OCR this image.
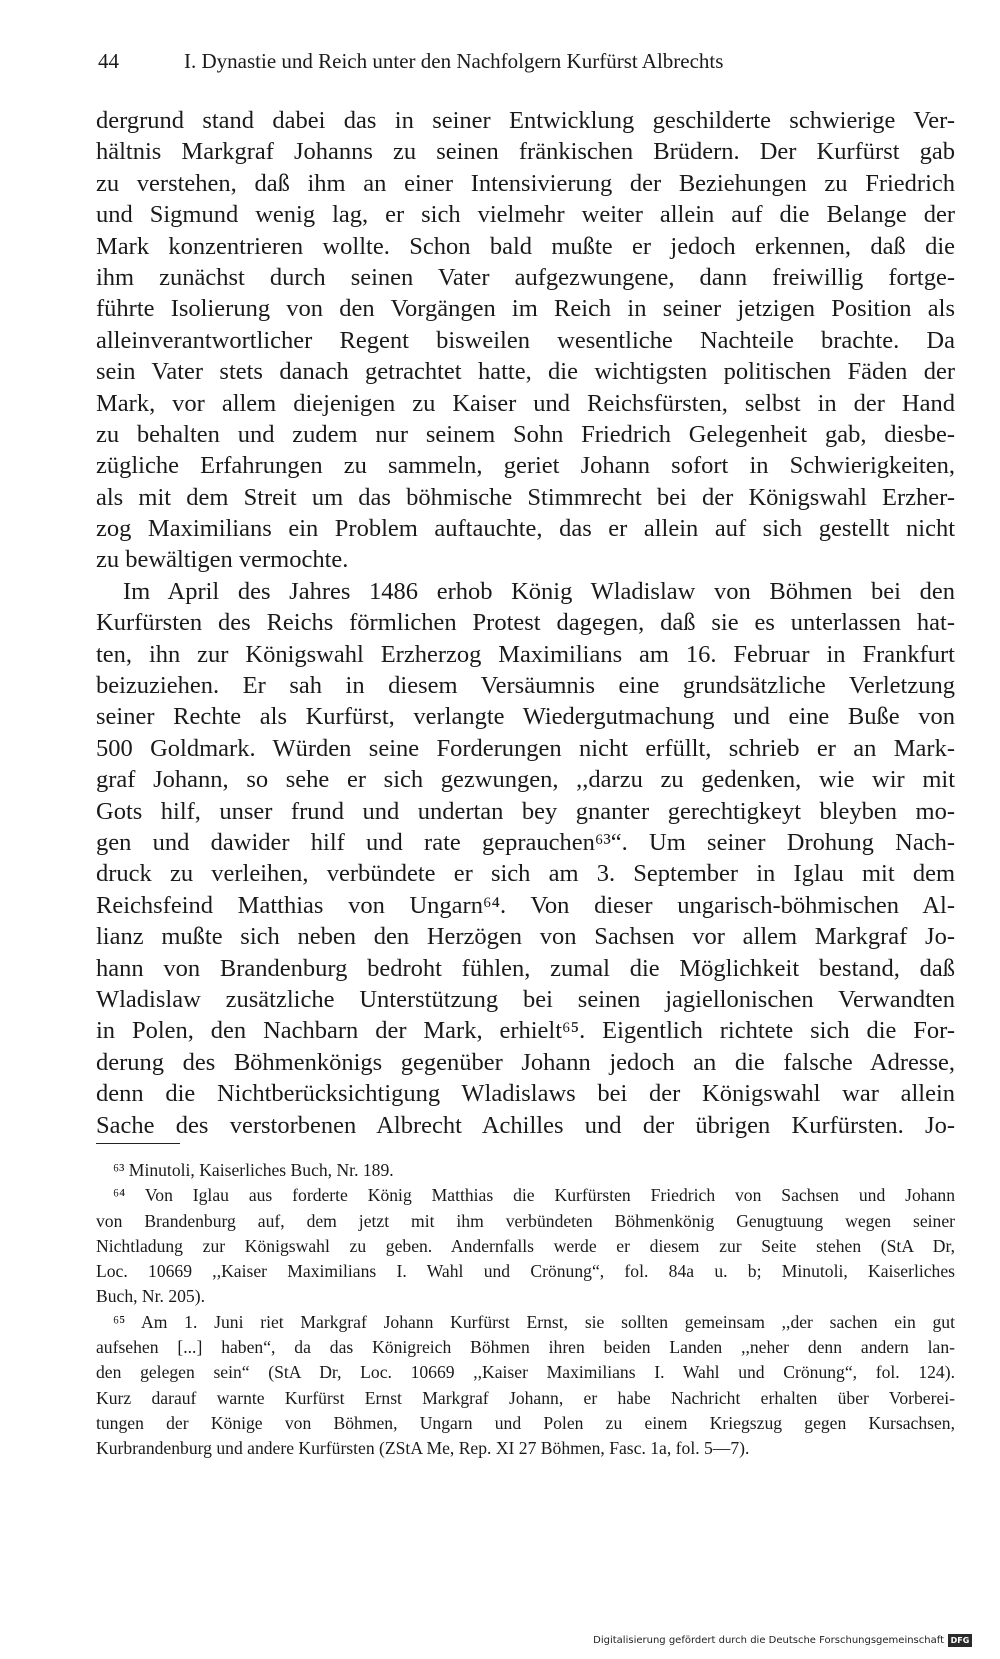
44	I. Dynastie und Reich unter den Nachfolgern Kurfürst Albrechts
dergrund stand dabei das in seiner Entwicklung geschilderte schwierige Ver-
hältnis Markgraf Johanns zu seinen fränkischen Brüdern. Der Kurfürst gab
zu verstehen, daß ihm an einer Intensivierung der Beziehungen zu Friedrich
und Sigmund wenig lag, er sich vielmehr weiter allein auf die Belange der
Mark konzentrieren wollte. Schon bald mußte er jedoch erkennen, daß die
ihm zunächst durch seinen Vater aufgezwungene, dann freiwillig fortge-
führte Isolierung von den Vorgängen im Reich in seiner jetzigen Position als
alleinverantwortlicher Regent bisweilen wesentliche Nachteile brachte. Da
sein Vater stets danach getrachtet hatte, die wichtigsten politischen Fäden der
Mark, vor allem diejenigen zu Kaiser und Reichsfürsten, selbst in der Hand
zu behalten und zudem nur seinem Sohn Friedrich Gelegenheit gab, diesbe-
zügliche Erfahrungen zu sammeln, geriet Johann sofort in Schwierigkeiten,
als mit dem Streit um das böhmische Stimmrecht bei der Königswahl Erzher-
zog Maximilians ein Problem auftauchte, das er allein auf sich gestellt nicht
zu bewältigen vermochte.
Im April des Jahres 1486 erhob König Wladislaw von Böhmen bei den
Kurfürsten des Reichs förmlichen Protest dagegen, daß sie es unterlassen hat-
ten, ihn zur Königswahl Erzherzog Maximilians am 16. Februar in Frankfurt
beizuziehen. Er sah in diesem Versäumnis eine grundsätzliche Verletzung
seiner Rechte als Kurfürst, verlangte Wiedergutmachung und eine Buße von
500 Goldmark. Würden seine Forderungen nicht erfüllt, schrieb er an Mark-
graf Johann, so sehe er sich gezwungen, ,,darzu zu gedenken, wie wir mit
Gots hilf, unser frund und undertan bey gnanter gerechtigkeyt bleyben mo-
gen und dawider hilf und rate geprauchen⁶³“. Um seiner Drohung Nach-
druck zu verleihen, verbündete er sich am 3. September in Iglau mit dem
Reichsfeind Matthias von Ungarn⁶⁴. Von dieser ungarisch-böhmischen Al-
lianz mußte sich neben den Herzögen von Sachsen vor allem Markgraf Jo-
hann von Brandenburg bedroht fühlen, zumal die Möglichkeit bestand, daß
Wladislaw zusätzliche Unterstützung bei seinen jagiellonischen Verwandten
in Polen, den Nachbarn der Mark, erhielt⁶⁵. Eigentlich richtete sich die For-
derung des Böhmenkönigs gegenüber Johann jedoch an die falsche Adresse,
denn die Nichtberücksichtigung Wladislaws bei der Königswahl war allein
Sache des verstorbenen Albrecht Achilles und der übrigen Kurfürsten. Jo-
⁶³ Minutoli, Kaiserliches Buch, Nr. 189.
⁶⁴ Von Iglau aus forderte König Matthias die Kurfürsten Friedrich von Sachsen und Johann
von Brandenburg auf, dem jetzt mit ihm verbündeten Böhmenkönig Genugtuung wegen seiner
Nichtladung zur Königswahl zu geben. Andernfalls werde er diesem zur Seite stehen (StA Dr,
Loc. 10669 ,,Kaiser Maximilians I. Wahl und Crönung“, fol. 84a u. b; Minutoli, Kaiserliches
Buch, Nr. 205).
⁶⁵ Am 1. Juni riet Markgraf Johann Kurfürst Ernst, sie sollten gemeinsam ,,der sachen ein gut
aufsehen [...] haben“, da das Königreich Böhmen ihren beiden Landen ,,neher denn andern lan-
den gelegen sein“ (StA Dr, Loc. 10669 ,,Kaiser Maximilians I. Wahl und Crönung“, fol. 124).
Kurz darauf warnte Kurfürst Ernst Markgraf Johann, er habe Nachricht erhalten über Vorberei-
tungen der Könige von Böhmen, Ungarn und Polen zu einem Kriegszug gegen Kursachsen,
Kurbrandenburg und andere Kurfürsten (ZStA Me, Rep. XI 27 Böhmen, Fasc. 1a, fol. 5—7).
Digitalisierung gefördert durch die Deutsche Forschungsgemeinschaft DFG
